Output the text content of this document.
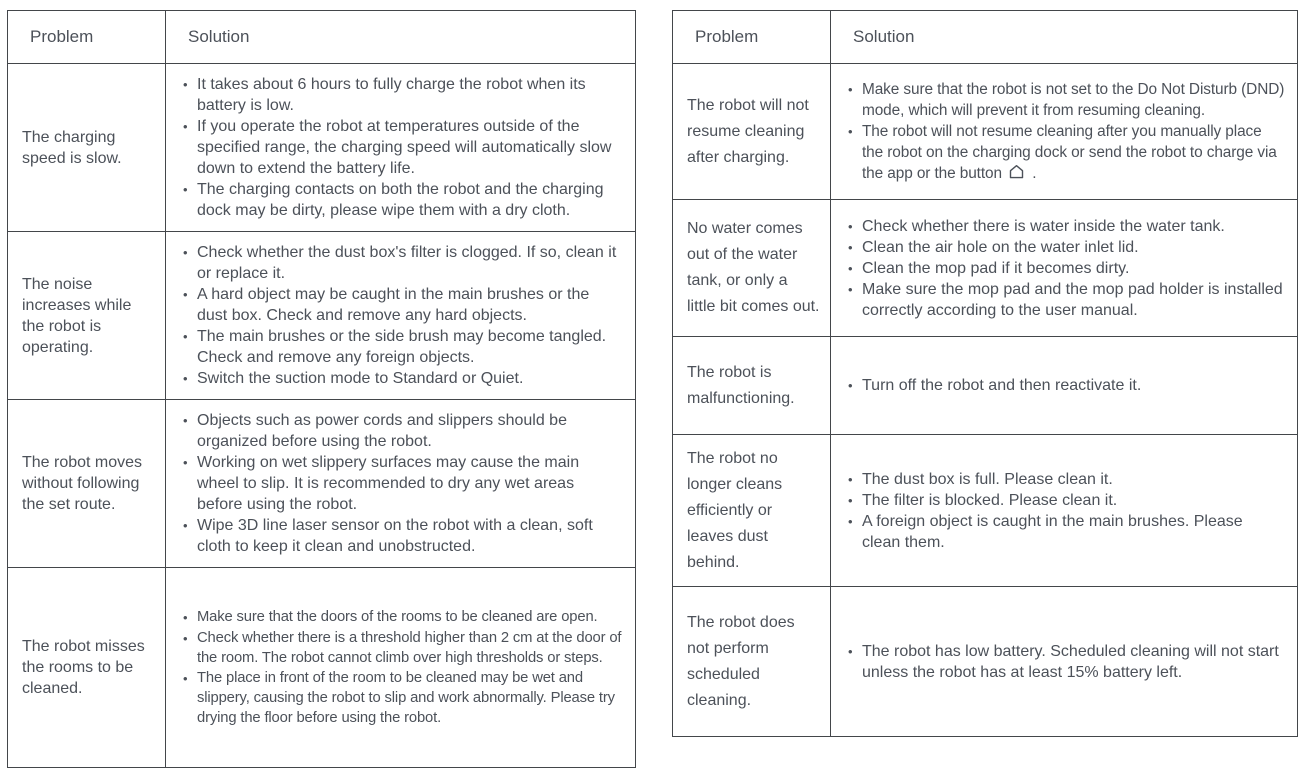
Problem	Solution
The charging speed is slow.	
• It takes about 6 hours to fully charge the robot when its battery is low.
• If you operate the robot at temperatures outside of the specified range, the charging speed will automatically slow down to extend the battery life.
• The charging contacts on both the robot and the charging dock may be dirty, please wipe them with a dry cloth.

The noise increases while the robot is operating.	
• Check whether the dust box's filter is clogged. If so, clean it or replace it.
• A hard object may be caught in the main brushes or the dust box. Check and remove any hard objects.
• The main brushes or the side brush may become tangled. Check and remove any foreign objects.
• Switch the suction mode to Standard or Quiet.

The robot moves without following the set route.	
• Objects such as power cords and slippers should be organized before using the robot.
• Working on wet slippery surfaces may cause the main wheel to slip. It is recommended to dry any wet areas before using the robot.
• Wipe 3D line laser sensor on the robot with a clean, soft cloth to keep it clean and unobstructed.

The robot misses the rooms to be cleaned.	
• Make sure that the doors of the rooms to be cleaned are open.
• Check whether there is a threshold higher than 2 cm at the door of the room. The robot cannot climb over high thresholds or steps.
• The place in front of the room to be cleaned may be wet and slippery, causing the robot to slip and work abnormally. Please try drying the floor before using the robot.
Problem	Solution
The robot will not resume cleaning after charging.	• Make sure that the robot is not set to the Do Not Disturb (DND) mode, which will prevent it from resuming cleaning.
• The robot will not resume cleaning after you manually place the robot on the charging dock or send the robot to charge via the app or the button  .

No water comes out of the water tank, or only a little bit comes out.	
• Check whether there is water inside the water tank.
• Clean the air hole on the water inlet lid.
• Clean the mop pad if it becomes dirty.
• Make sure the mop pad and the mop pad holder is installed correctly according to the user manual.

The robot is malfunctioning.	• Turn off the robot and then reactivate it.

The robot no longer cleans efficiently or leaves dust behind.	
• The dust box is full. Please clean it.
• The filter is blocked. Please clean it.
• A foreign object is caught in the main brushes. Please clean them.

The robot does not perform scheduled cleaning.	• The robot has low battery. Scheduled cleaning will not start unless the robot has at least 15% battery left.
